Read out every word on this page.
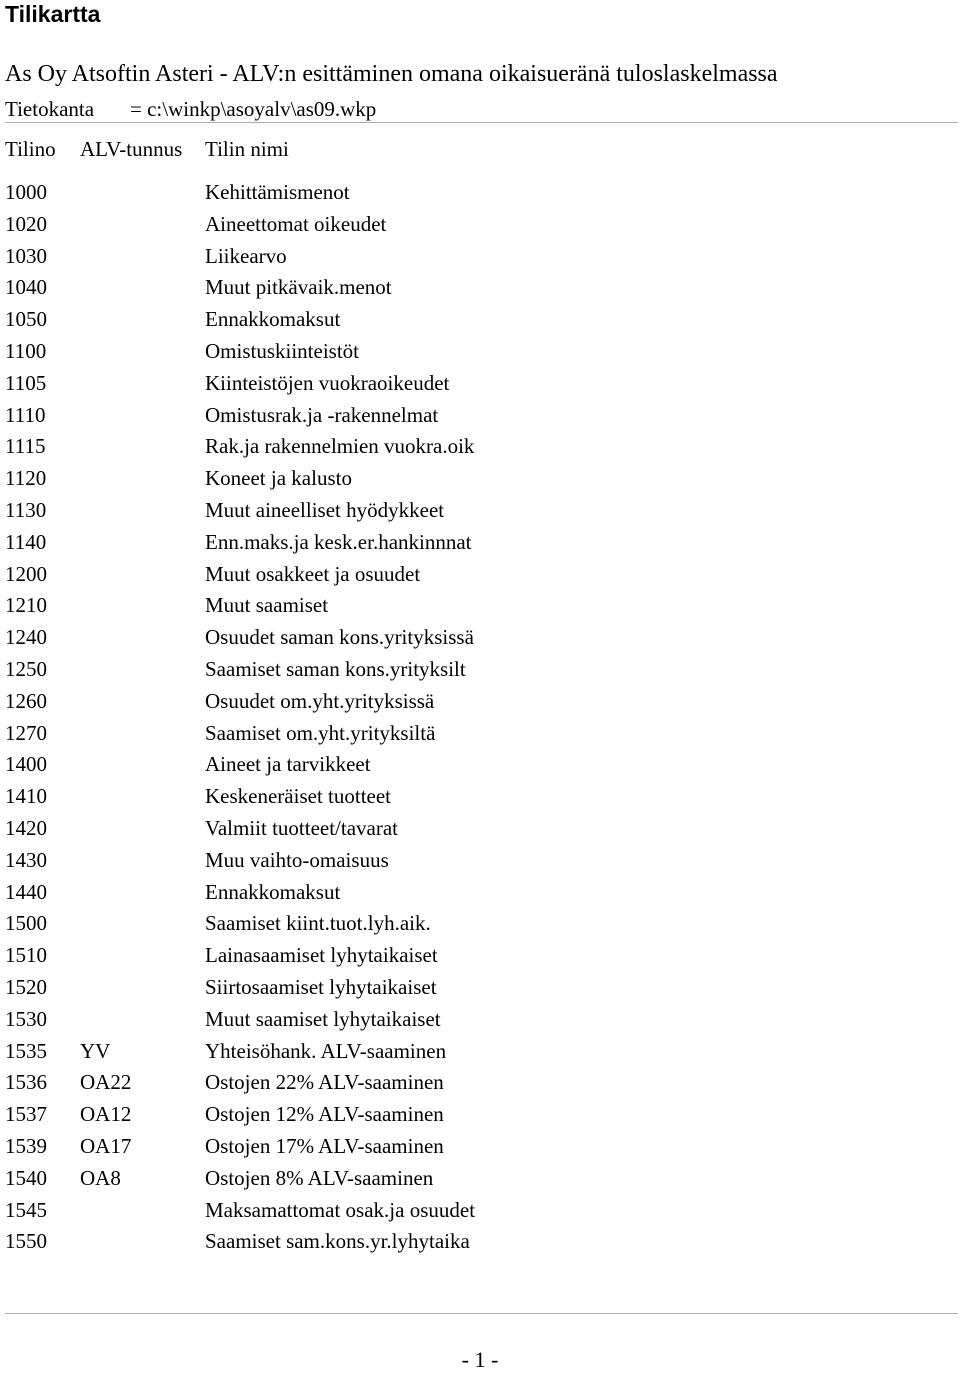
Tilikartta
As Oy Atsoftin Asteri - ALV:n esittäminen omana oikaisueränä tuloslaskelmassa
Tietokanta = c:\winkp\asoyalv\as09.wkp
Tilino ALV-tunnus Tilin nimi
1000	Kehittämismenot
1020	Aineettomat oikeudet
1030	Liikearvo
1040	Muut pitkävaik.menot
1050	Ennakkomaksut
1100	Omistuskiinteistöt
1105	Kiinteistöjen vuokraoikeudet
1110	Omistusrak.ja -rakennelmat
1115	Rak.ja rakennelmien vuokra.oik
1120	Koneet ja kalusto
1130	Muut aineelliset hyödykkeet
1140	Enn.maks.ja kesk.er.hankinnnat
1200	Muut osakkeet ja osuudet
1210	Muut saamiset
1240	Osuudet saman kons.yrityksissä
1250	Saamiset saman kons.yrityksilt
1260	Osuudet om.yht.yrityksissä
1270	Saamiset om.yht.yrityksiltä
1400	Aineet ja tarvikkeet
1410	Keskeneräiset tuotteet
1420	Valmiit tuotteet/tavarat
1430	Muu vaihto-omaisuus
1440	Ennakkomaksut
1500	Saamiset kiint.tuot.lyh.aik.
1510	Lainasaamiset lyhytaikaiset
1520	Siirtosaamiset lyhytaikaiset
1530	Muut saamiset lyhytaikaiset
1535 YV	Yhteisöhank. ALV-saaminen
1536 OA22	Ostojen 22% ALV-saaminen
1537 OA12	Ostojen 12% ALV-saaminen
1539 OA17	Ostojen 17% ALV-saaminen
1540 OA8	Ostojen 8% ALV-saaminen
1545	Maksamattomat osak.ja osuudet
1550	Saamiset sam.kons.yr.lyhytaika
- 1 -
